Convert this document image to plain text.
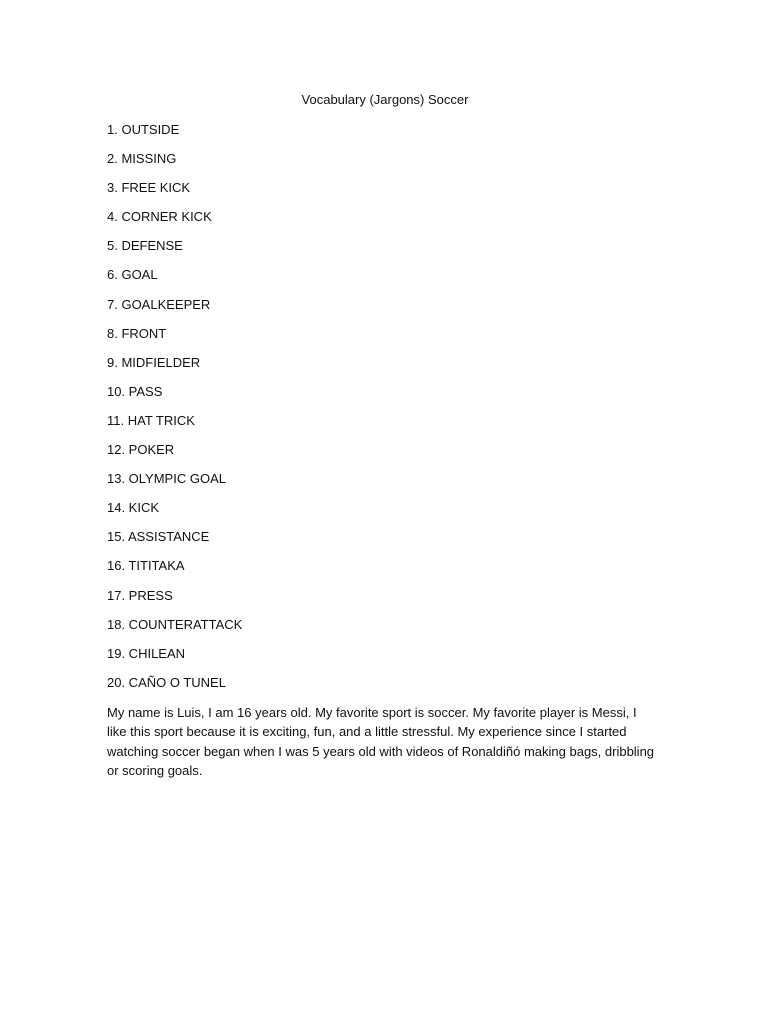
Vocabulary (Jargons) Soccer
1. OUTSIDE
2. MISSING
3. FREE KICK
4. CORNER KICK
5. DEFENSE
6. GOAL
7. GOALKEEPER
8. FRONT
9. MIDFIELDER
10. PASS
11. HAT TRICK
12. POKER
13. OLYMPIC GOAL
14. KICK
15. ASSISTANCE
16. TITITAKA
17. PRESS
18. COUNTERATTACK
19. CHILEAN
20. CAÑO O TUNEL

My name is Luis, I am 16 years old. My favorite sport is soccer. My favorite player is Messi, I like this sport because it is exciting, fun, and a little stressful. My experience since I started watching soccer began when I was 5 years old with videos of Ronaldiñó making bags, dribbling or scoring goals.
